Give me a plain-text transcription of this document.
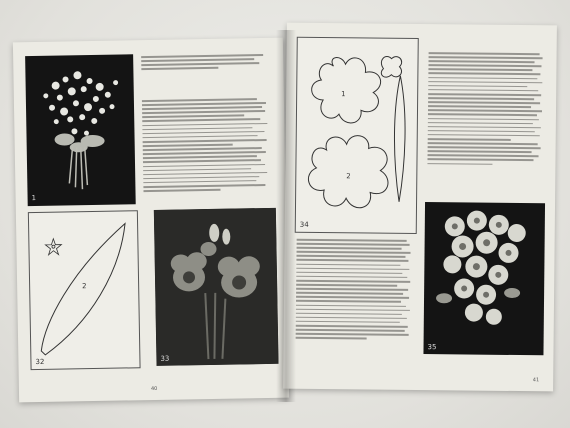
1
2
32	33
40
1
2
34
35
41
